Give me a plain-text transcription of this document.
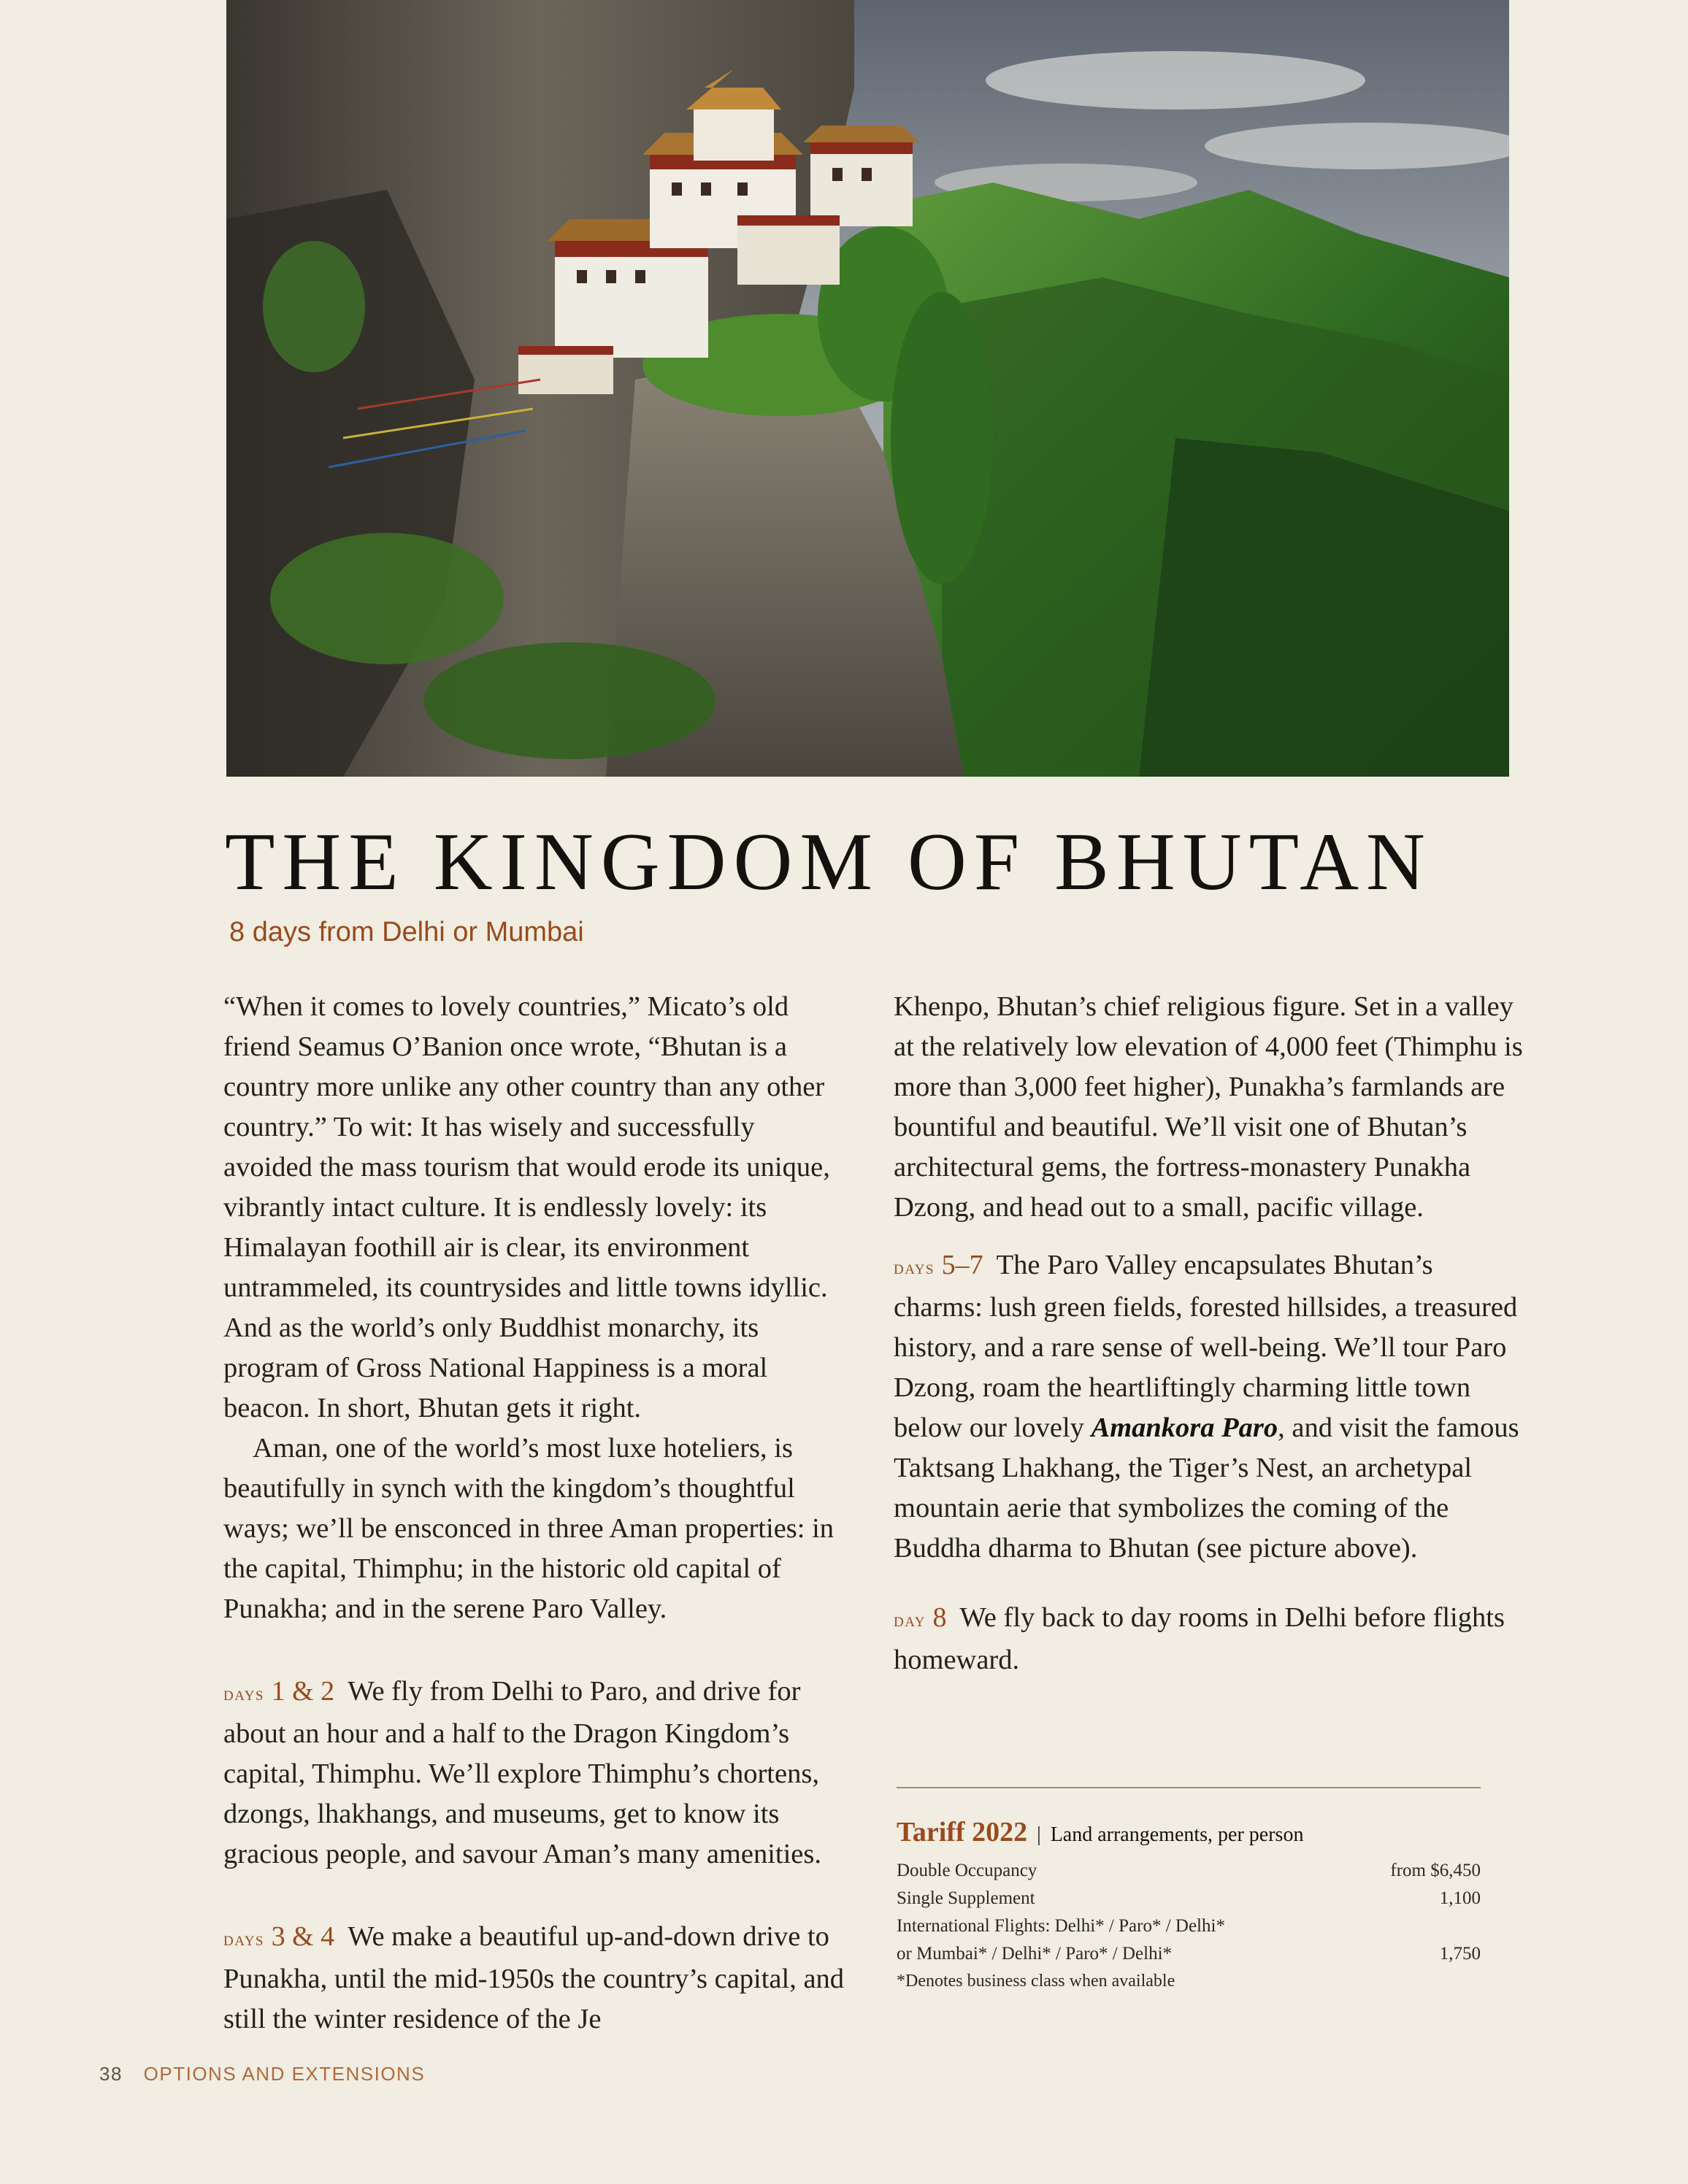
THE KINGDOM OF BHUTAN

8 days from Delhi or Mumbai

“When it comes to lovely countries,” Micato’s old friend Seamus O’Banion once wrote, “Bhutan is a country more unlike any other country than any other country.” To wit: It has wisely and successfully avoided the mass tourism that would erode its unique, vibrantly intact culture. It is endlessly lovely: its Himalayan foothill air is clear, its environment untrammeled, its countrysides and little towns idyllic. And as the world’s only Buddhist monarchy, its program of Gross National Happiness is a moral beacon. In short, Bhutan gets it right.

Aman, one of the world’s most luxe hoteliers, is beautifully in synch with the kingdom’s thoughtful ways; we’ll be ensconced in three Aman properties: in the capital, Thimphu; in the historic old capital of Punakha; and in the serene Paro Valley.

days 1 & 2 We fly from Delhi to Paro, and drive for about an hour and a half to the Dragon Kingdom’s capital, Thimphu. We’ll explore Thimphu’s chortens, dzongs, lhakhangs, and museums, get to know its gracious people, and savour Aman’s many amenities.

days 3 & 4 We make a beautiful up-and-down drive to Punakha, until the mid-1950s the country’s capital, and still the winter residence of the Je

Khenpo, Bhutan’s chief religious figure. Set in a valley at the relatively low elevation of 4,000 feet (Thimphu is more than 3,000 feet higher), Punakha’s farmlands are bountiful and beautiful. We’ll visit one of Bhutan’s architectural gems, the fortress-monastery Punakha Dzong, and head out to a small, pacific village.

days 5–7 The Paro Valley encapsulates Bhutan’s charms: lush green fields, forested hillsides, a treasured history, and a rare sense of well-being. We’ll tour Paro Dzong, roam the heartliftingly charming little town below our lovely Amankora Paro, and visit the famous Taktsang Lhakhang, the Tiger’s Nest, an archetypal mountain aerie that symbolizes the coming of the Buddha dharma to Bhutan (see picture above).

day 8 We fly back to day rooms in Delhi before flights homeward.

Tariff 2022 | Land arrangements, per person

Double Occupancy	from $6,450
Single Supplement	1,100
International Flights: Delhi* / Paro* / Delhi*
or Mumbai* / Delhi* / Paro* / Delhi*	1,750
*Denotes business class when available
38 OPTIONS AND EXTENSIONS
